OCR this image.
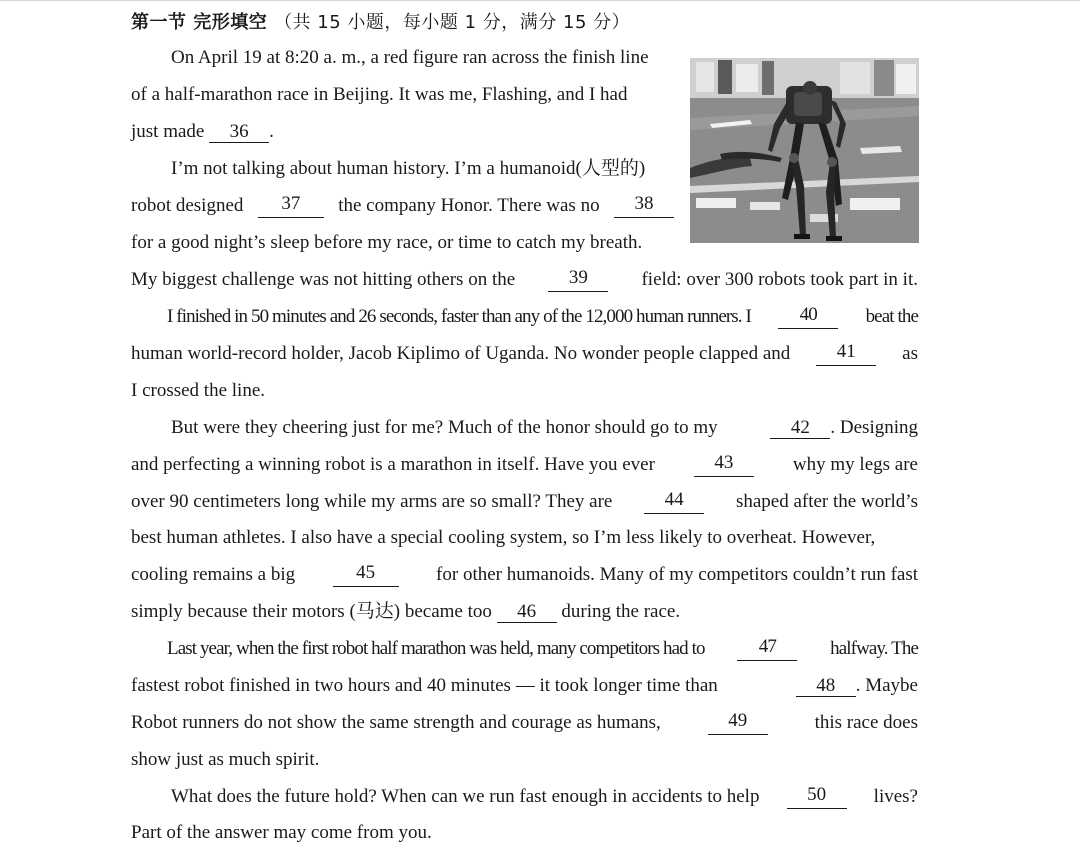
第一节 完形填空 （共 15 小题，每小题 1 分，满分 15 分）
On April 19 at 8:20 a. m., a red figure ran across the finish line
of a half-marathon race in Beijing. It was me, Flashing, and I had
just made 36 .
I’m not talking about human history. I’m a humanoid(人型的)
robot designed	37	the company Honor. There was no	38
for a good night’s sleep before my race, or time to catch my breath.
My biggest challenge was not hitting others on the	39	field: over 300 robots took part in it.
I finished in 50 minutes and 26 seconds, faster than any of the 12,000 human runners. I	40	beat the
human world-record holder, Jacob Kiplimo of Uganda. No wonder people clapped and	41	as
I crossed the line.
But were they cheering just for me? Much of the honor should go to my	42 . Designing
and perfecting a winning robot is a marathon in itself. Have you ever	43	why my legs are
over 90 centimeters long while my arms are so small? They are	44	shaped after the world’s
best human athletes. I also have a special cooling system, so I’m less likely to overheat. However,
cooling remains a big	45	for other humanoids. Many of my competitors couldn’t run fast
simply because their motors (马达) became too 46 during the race.
Last year, when the first robot half marathon was held, many competitors had to	47	halfway. The
fastest robot finished in two hours and 40 minutes — it took longer time than	48 . Maybe
Robot runners do not show the same strength and courage as humans,	49	this race does
show just as much spirit.
What does the future hold? When can we run fast enough in accidents to help	50	lives?
Part of the answer may come from you.
